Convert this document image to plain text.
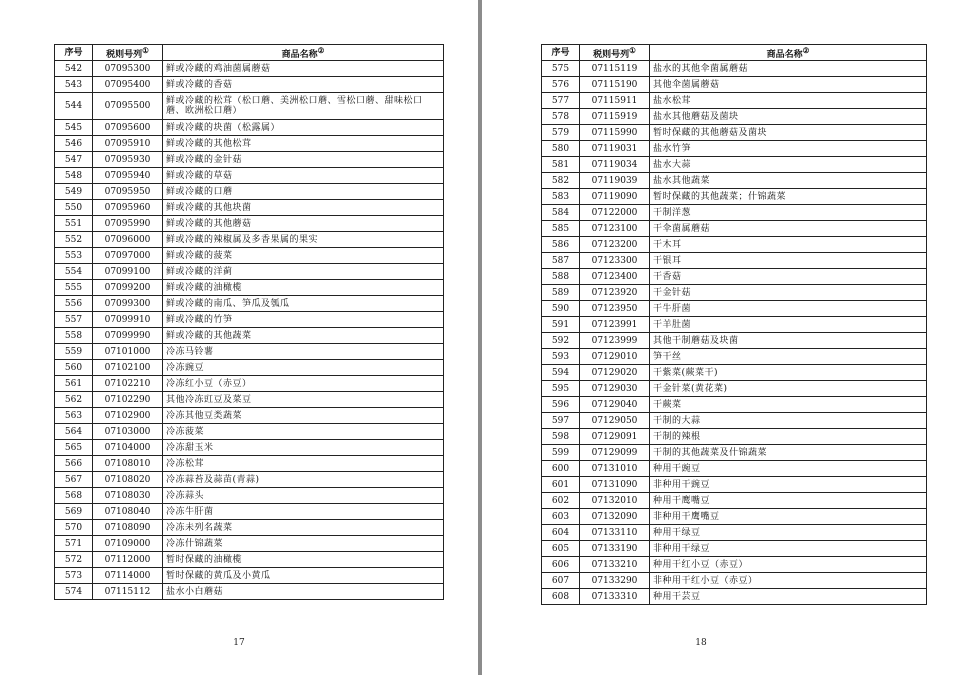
序号	税则号列①	商品名称②
542	07095300	鲜或冷藏的鸡油菌属蘑菇
543	07095400	鲜或冷藏的香菇
544	07095500	鲜或冷藏的松茸（松口蘑、美洲松口蘑、雪松口蘑、甜味松口蘑、欧洲松口蘑）
545	07095600	鲜或冷藏的块菌（松露属）
546	07095910	鲜或冷藏的其他松茸
547	07095930	鲜或冷藏的金针菇
548	07095940	鲜或冷藏的草菇
549	07095950	鲜或冷藏的口蘑
550	07095960	鲜或冷藏的其他块菌
551	07095990	鲜或冷藏的其他蘑菇
552	07096000	鲜或冷藏的辣椒属及多香果属的果实
553	07097000	鲜或冷藏的菠菜
554	07099100	鲜或冷藏的洋蓟
555	07099200	鲜或冷藏的油橄榄
556	07099300	鲜或冷藏的南瓜、笋瓜及瓠瓜
557	07099910	鲜或冷藏的竹笋
558	07099990	鲜或冷藏的其他蔬菜
559	07101000	冷冻马铃薯
560	07102100	冷冻豌豆
561	07102210	冷冻红小豆（赤豆）
562	07102290	其他冷冻豇豆及菜豆
563	07102900	冷冻其他豆类蔬菜
564	07103000	冷冻菠菜
565	07104000	冷冻甜玉米
566	07108010	冷冻松茸
567	07108020	冷冻蒜苔及蒜苗(青蒜)
568	07108030	冷冻蒜头
569	07108040	冷冻牛肝菌
570	07108090	冷冻未列名蔬菜
571	07109000	冷冻什锦蔬菜
572	07112000	暂时保藏的油橄榄
573	07114000	暂时保藏的黄瓜及小黄瓜
574	07115112	盐水小白蘑菇
17
序号	税则号列①	商品名称②
575	07115119	盐水的其他伞菌属蘑菇
576	07115190	其他伞菌属蘑菇
577	07115911	盐水松茸
578	07115919	盐水其他蘑菇及菌块
579	07115990	暂时保藏的其他蘑菇及菌块
580	07119031	盐水竹笋
581	07119034	盐水大蒜
582	07119039	盐水其他蔬菜
583	07119090	暂时保藏的其他蔬菜；什锦蔬菜
584	07122000	干制洋葱
585	07123100	干伞菌属蘑菇
586	07123200	干木耳
587	07123300	干银耳
588	07123400	干香菇
589	07123920	干金针菇
590	07123950	干牛肝菌
591	07123991	干羊肚菌
592	07123999	其他干制蘑菇及块菌
593	07129010	笋干丝
594	07129020	干紫菜(蕨菜干)
595	07129030	干金针菜(黄花菜)
596	07129040	干蕨菜
597	07129050	干制的大蒜
598	07129091	干制的辣根
599	07129099	干制的其他蔬菜及什锦蔬菜
600	07131010	种用干豌豆
601	07131090	非种用干豌豆
602	07132010	种用干鹰嘴豆
603	07132090	非种用干鹰嘴豆
604	07133110	种用干绿豆
605	07133190	非种用干绿豆
606	07133210	种用干红小豆（赤豆）
607	07133290	非种用干红小豆（赤豆）
608	07133310	种用干芸豆
18
